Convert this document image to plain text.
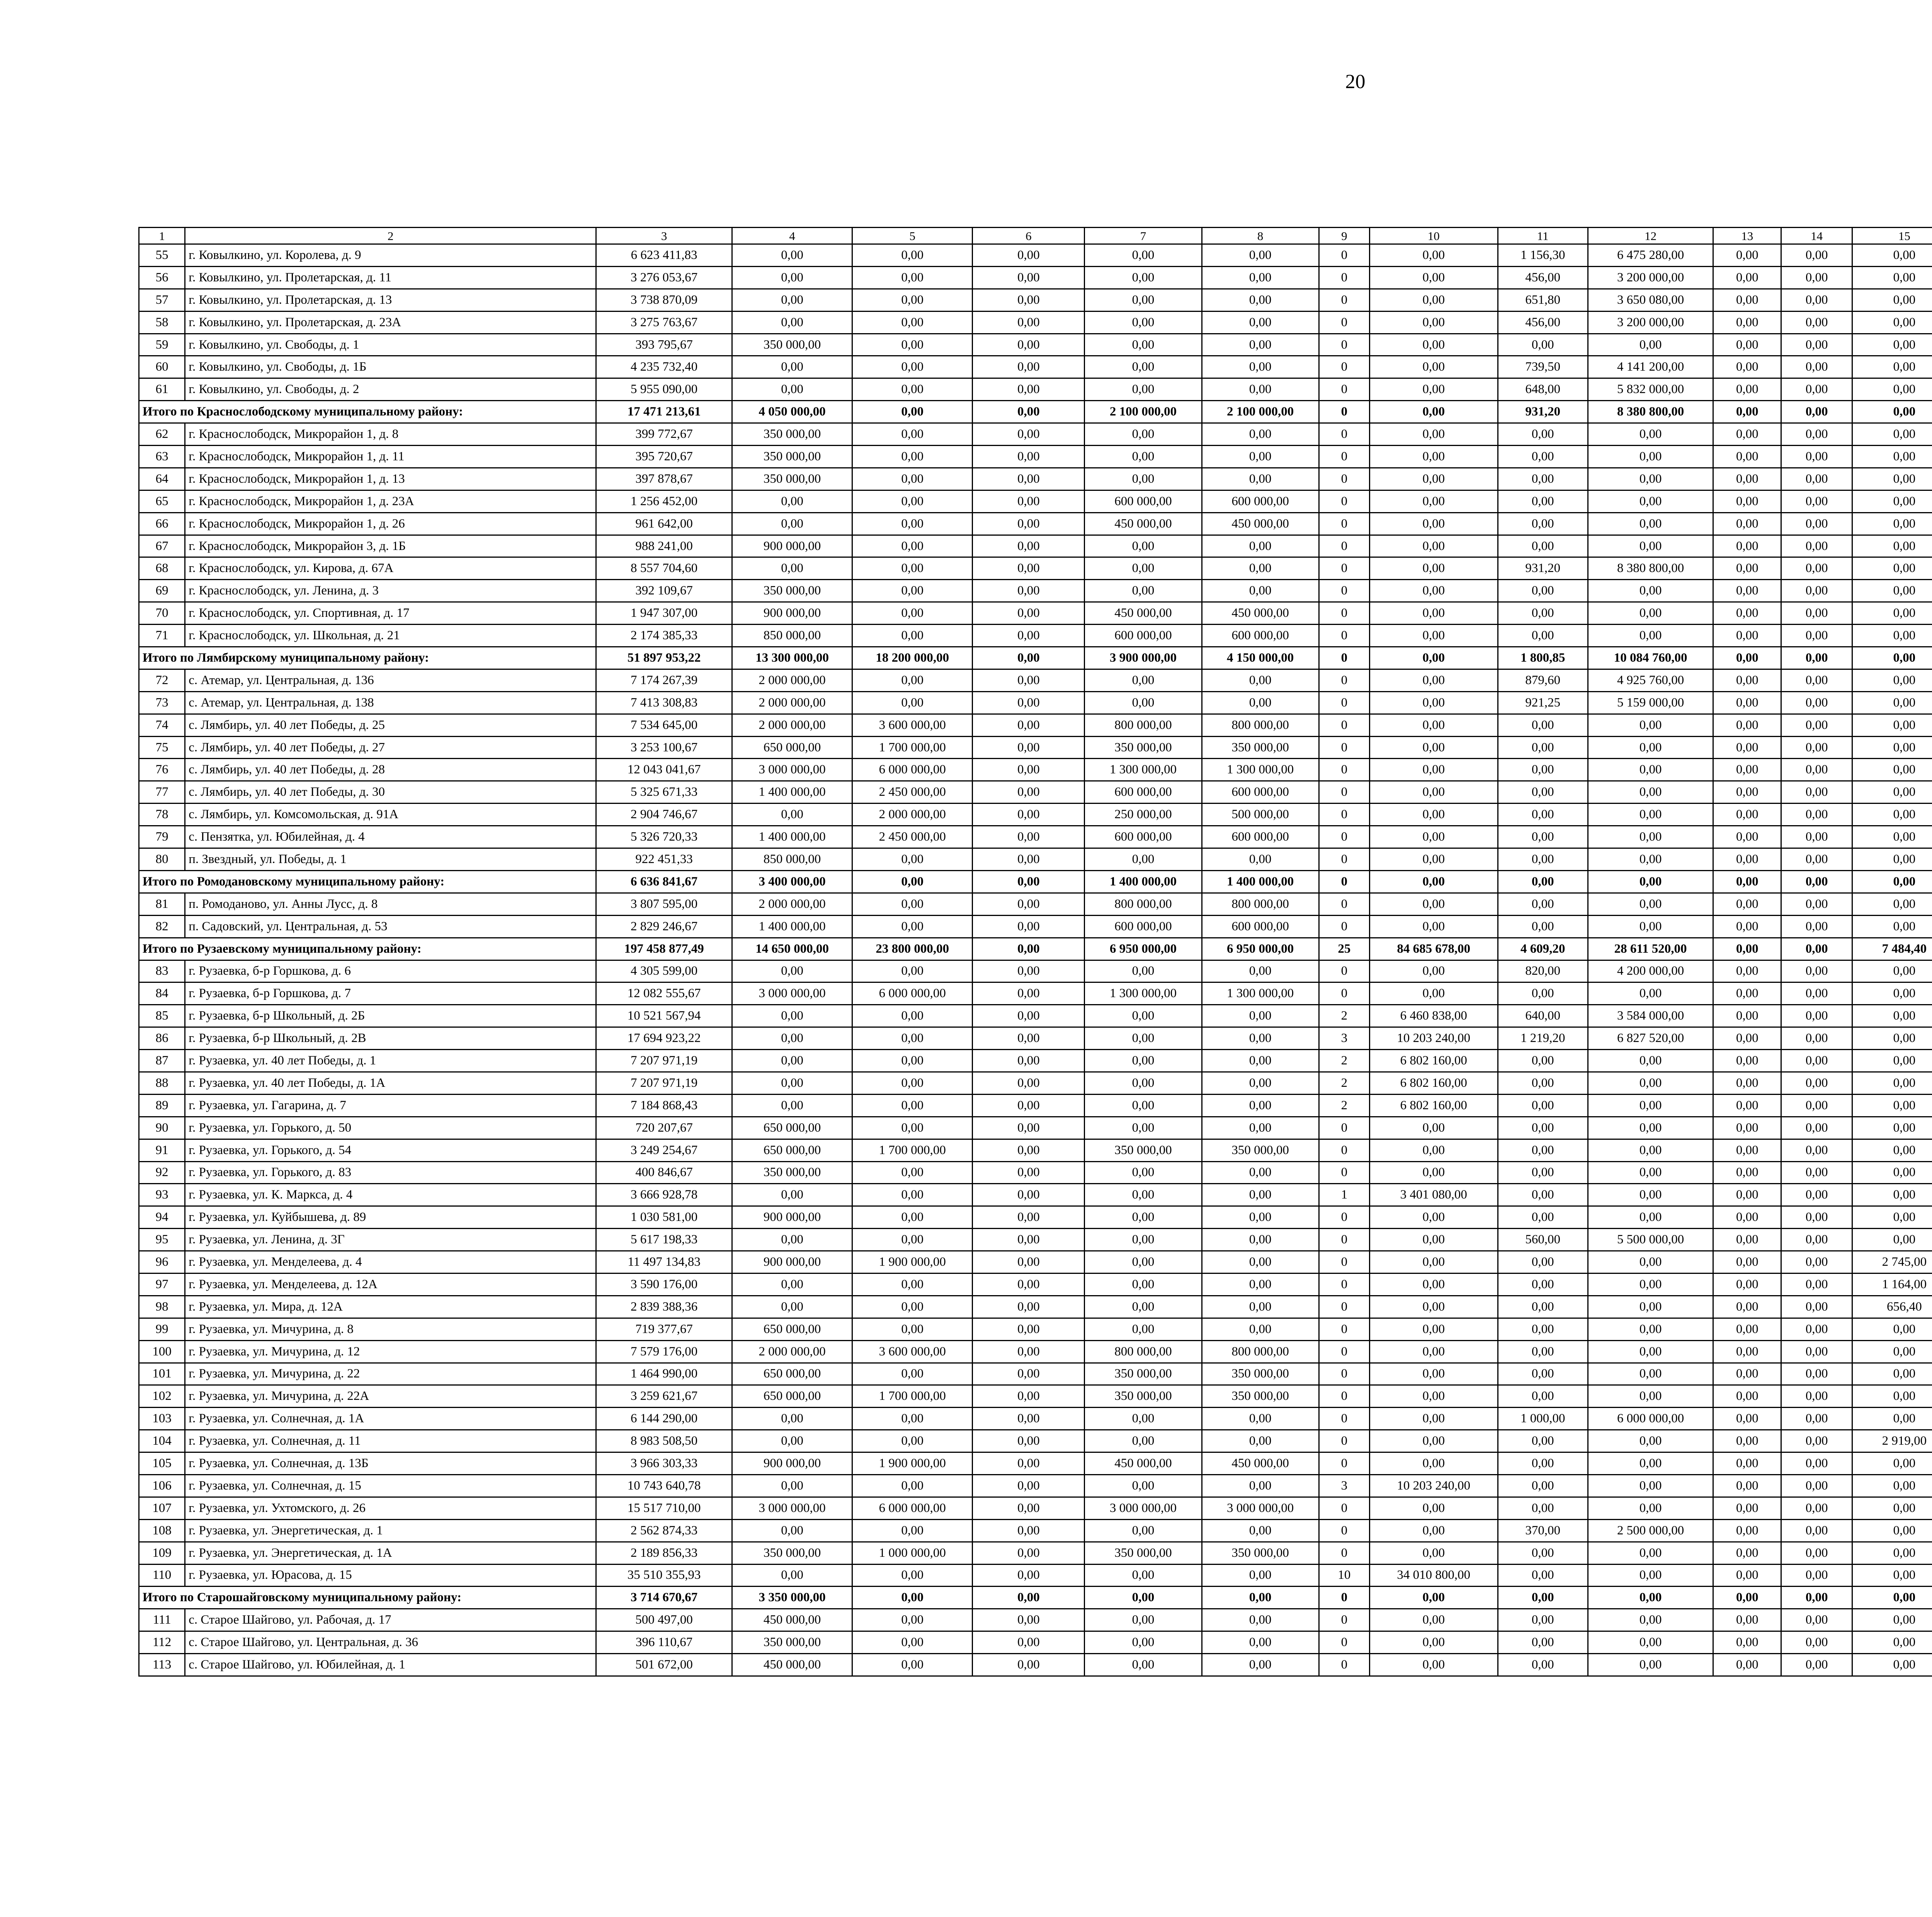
20
1	2	3	4	5	6	7	8	9	10	11	12	13	14	15						
55	г. Ковылкино, ул. Королева, д. 9	6 623 411,83	0,00	0,00	0,00	0,00	0,00	0	0,00	1 156,30	6 475 280,00	0,00	0,00	0,00						
56	г. Ковылкино, ул. Пролетарская, д. 11	3 276 053,67	0,00	0,00	0,00	0,00	0,00	0	0,00	456,00	3 200 000,00	0,00	0,00	0,00						
57	г. Ковылкино, ул. Пролетарская, д. 13	3 738 870,09	0,00	0,00	0,00	0,00	0,00	0	0,00	651,80	3 650 080,00	0,00	0,00	0,00						
58	г. Ковылкино, ул. Пролетарская, д. 23А	3 275 763,67	0,00	0,00	0,00	0,00	0,00	0	0,00	456,00	3 200 000,00	0,00	0,00	0,00						
59	г. Ковылкино, ул. Свободы, д. 1	393 795,67	350 000,00	0,00	0,00	0,00	0,00	0	0,00	0,00	0,00	0,00	0,00	0,00						
60	г. Ковылкино, ул. Свободы, д. 1Б	4 235 732,40	0,00	0,00	0,00	0,00	0,00	0	0,00	739,50	4 141 200,00	0,00	0,00	0,00						
61	г. Ковылкино, ул. Свободы, д. 2	5 955 090,00	0,00	0,00	0,00	0,00	0,00	0	0,00	648,00	5 832 000,00	0,00	0,00	0,00						
Итого по Краснослободскому муниципальному району:		17 471 213,61	4 050 000,00	0,00	0,00	2 100 000,00	2 100 000,00	0	0,00	931,20	8 380 800,00	0,00	0,00	0,00						
62	г. Краснослободск, Микрорайон 1, д. 8	399 772,67	350 000,00	0,00	0,00	0,00	0,00	0	0,00	0,00	0,00	0,00	0,00	0,00						
63	г. Краснослободск, Микрорайон 1, д. 11	395 720,67	350 000,00	0,00	0,00	0,00	0,00	0	0,00	0,00	0,00	0,00	0,00	0,00						
64	г. Краснослободск, Микрорайон 1, д. 13	397 878,67	350 000,00	0,00	0,00	0,00	0,00	0	0,00	0,00	0,00	0,00	0,00	0,00						
65	г. Краснослободск, Микрорайон 1, д. 23А	1 256 452,00	0,00	0,00	0,00	600 000,00	600 000,00	0	0,00	0,00	0,00	0,00	0,00	0,00						
66	г. Краснослободск, Микрорайон 1, д. 26	961 642,00	0,00	0,00	0,00	450 000,00	450 000,00	0	0,00	0,00	0,00	0,00	0,00	0,00						
67	г. Краснослободск, Микрорайон 3, д. 1Б	988 241,00	900 000,00	0,00	0,00	0,00	0,00	0	0,00	0,00	0,00	0,00	0,00	0,00						
68	г. Краснослободск, ул. Кирова, д. 67А	8 557 704,60	0,00	0,00	0,00	0,00	0,00	0	0,00	931,20	8 380 800,00	0,00	0,00	0,00						
69	г. Краснослободск, ул. Ленина, д. 3	392 109,67	350 000,00	0,00	0,00	0,00	0,00	0	0,00	0,00	0,00	0,00	0,00	0,00						
70	г. Краснослободск, ул. Спортивная, д. 17	1 947 307,00	900 000,00	0,00	0,00	450 000,00	450 000,00	0	0,00	0,00	0,00	0,00	0,00	0,00						
71	г. Краснослободск, ул. Школьная, д. 21	2 174 385,33	850 000,00	0,00	0,00	600 000,00	600 000,00	0	0,00	0,00	0,00	0,00	0,00	0,00						
Итого по Лямбирскому муниципальному району:		51 897 953,22	13 300 000,00	18 200 000,00	0,00	3 900 000,00	4 150 000,00	0	0,00	1 800,85	10 084 760,00	0,00	0,00	0,00						
72	с. Атемар, ул. Центральная, д. 136	7 174 267,39	2 000 000,00	0,00	0,00	0,00	0,00	0	0,00	879,60	4 925 760,00	0,00	0,00	0,00						
73	с. Атемар, ул. Центральная, д. 138	7 413 308,83	2 000 000,00	0,00	0,00	0,00	0,00	0	0,00	921,25	5 159 000,00	0,00	0,00	0,00						
74	с. Лямбирь, ул. 40 лет Победы, д. 25	7 534 645,00	2 000 000,00	3 600 000,00	0,00	800 000,00	800 000,00	0	0,00	0,00	0,00	0,00	0,00	0,00						
75	с. Лямбирь, ул. 40 лет Победы, д. 27	3 253 100,67	650 000,00	1 700 000,00	0,00	350 000,00	350 000,00	0	0,00	0,00	0,00	0,00	0,00	0,00						
76	с. Лямбирь, ул. 40 лет Победы, д. 28	12 043 041,67	3 000 000,00	6 000 000,00	0,00	1 300 000,00	1 300 000,00	0	0,00	0,00	0,00	0,00	0,00	0,00						
77	с. Лямбирь, ул. 40 лет Победы, д. 30	5 325 671,33	1 400 000,00	2 450 000,00	0,00	600 000,00	600 000,00	0	0,00	0,00	0,00	0,00	0,00	0,00						
78	с. Лямбирь, ул. Комсомольская, д. 91А	2 904 746,67	0,00	2 000 000,00	0,00	250 000,00	500 000,00	0	0,00	0,00	0,00	0,00	0,00	0,00						
79	с. Пензятка, ул. Юбилейная, д. 4	5 326 720,33	1 400 000,00	2 450 000,00	0,00	600 000,00	600 000,00	0	0,00	0,00	0,00	0,00	0,00	0,00						
80	п. Звездный, ул. Победы, д. 1	922 451,33	850 000,00	0,00	0,00	0,00	0,00	0	0,00	0,00	0,00	0,00	0,00	0,00						
Итого по Ромодановскому муниципальному району:		6 636 841,67	3 400 000,00	0,00	0,00	1 400 000,00	1 400 000,00	0	0,00	0,00	0,00	0,00	0,00	0,00						
81	п. Ромоданово, ул. Анны Лусс, д. 8	3 807 595,00	2 000 000,00	0,00	0,00	800 000,00	800 000,00	0	0,00	0,00	0,00	0,00	0,00	0,00						
82	п. Садовский, ул. Центральная, д. 53	2 829 246,67	1 400 000,00	0,00	0,00	600 000,00	600 000,00	0	0,00	0,00	0,00	0,00	0,00	0,00						
Итого по Рузаевскому муниципальному району:		197 458 877,49	14 650 000,00	23 800 000,00	0,00	6 950 000,00	6 950 000,00	25	84 685 678,00	4 609,20	28 611 520,00	0,00	0,00	7 484,40						
83	г. Рузаевка, б-р Горшкова, д. 6	4 305 599,00	0,00	0,00	0,00	0,00	0,00	0	0,00	820,00	4 200 000,00	0,00	0,00	0,00						
84	г. Рузаевка, б-р Горшкова, д. 7	12 082 555,67	3 000 000,00	6 000 000,00	0,00	1 300 000,00	1 300 000,00	0	0,00	0,00	0,00	0,00	0,00	0,00						
85	г. Рузаевка, б-р Школьный, д. 2Б	10 521 567,94	0,00	0,00	0,00	0,00	0,00	2	6 460 838,00	640,00	3 584 000,00	0,00	0,00	0,00						
86	г. Рузаевка, б-р Школьный, д. 2В	17 694 923,22	0,00	0,00	0,00	0,00	0,00	3	10 203 240,00	1 219,20	6 827 520,00	0,00	0,00	0,00						
87	г. Рузаевка, ул. 40 лет Победы, д. 1	7 207 971,19	0,00	0,00	0,00	0,00	0,00	2	6 802 160,00	0,00	0,00	0,00	0,00	0,00						
88	г. Рузаевка, ул. 40 лет Победы, д. 1А	7 207 971,19	0,00	0,00	0,00	0,00	0,00	2	6 802 160,00	0,00	0,00	0,00	0,00	0,00						
89	г. Рузаевка, ул. Гагарина, д. 7	7 184 868,43	0,00	0,00	0,00	0,00	0,00	2	6 802 160,00	0,00	0,00	0,00	0,00	0,00						
90	г. Рузаевка, ул. Горького, д. 50	720 207,67	650 000,00	0,00	0,00	0,00	0,00	0	0,00	0,00	0,00	0,00	0,00	0,00						
91	г. Рузаевка, ул. Горького, д. 54	3 249 254,67	650 000,00	1 700 000,00	0,00	350 000,00	350 000,00	0	0,00	0,00	0,00	0,00	0,00	0,00						
92	г. Рузаевка, ул. Горького, д. 83	400 846,67	350 000,00	0,00	0,00	0,00	0,00	0	0,00	0,00	0,00	0,00	0,00	0,00						
93	г. Рузаевка, ул. К. Маркса, д. 4	3 666 928,78	0,00	0,00	0,00	0,00	0,00	1	3 401 080,00	0,00	0,00	0,00	0,00	0,00						
94	г. Рузаевка, ул. Куйбышева, д. 89	1 030 581,00	900 000,00	0,00	0,00	0,00	0,00	0	0,00	0,00	0,00	0,00	0,00	0,00						
95	г. Рузаевка, ул. Ленина, д. 3Г	5 617 198,33	0,00	0,00	0,00	0,00	0,00	0	0,00	560,00	5 500 000,00	0,00	0,00	0,00						
96	г. Рузаевка, ул. Менделеева, д. 4	11 497 134,83	900 000,00	1 900 000,00	0,00	0,00	0,00	0	0,00	0,00	0,00	0,00	0,00	2 745,00						
97	г. Рузаевка, ул. Менделеева, д. 12А	3 590 176,00	0,00	0,00	0,00	0,00	0,00	0	0,00	0,00	0,00	0,00	0,00	1 164,00						
98	г. Рузаевка, ул. Мира, д. 12А	2 839 388,36	0,00	0,00	0,00	0,00	0,00	0	0,00	0,00	0,00	0,00	0,00	656,40						
99	г. Рузаевка, ул. Мичурина, д. 8	719 377,67	650 000,00	0,00	0,00	0,00	0,00	0	0,00	0,00	0,00	0,00	0,00	0,00						
100	г. Рузаевка, ул. Мичурина, д. 12	7 579 176,00	2 000 000,00	3 600 000,00	0,00	800 000,00	800 000,00	0	0,00	0,00	0,00	0,00	0,00	0,00						
101	г. Рузаевка, ул. Мичурина, д. 22	1 464 990,00	650 000,00	0,00	0,00	350 000,00	350 000,00	0	0,00	0,00	0,00	0,00	0,00	0,00						
102	г. Рузаевка, ул. Мичурина, д. 22А	3 259 621,67	650 000,00	1 700 000,00	0,00	350 000,00	350 000,00	0	0,00	0,00	0,00	0,00	0,00	0,00						
103	г. Рузаевка, ул. Солнечная, д. 1А	6 144 290,00	0,00	0,00	0,00	0,00	0,00	0	0,00	1 000,00	6 000 000,00	0,00	0,00	0,00						
104	г. Рузаевка, ул. Солнечная, д. 11	8 983 508,50	0,00	0,00	0,00	0,00	0,00	0	0,00	0,00	0,00	0,00	0,00	2 919,00						
105	г. Рузаевка, ул. Солнечная, д. 13Б	3 966 303,33	900 000,00	1 900 000,00	0,00	450 000,00	450 000,00	0	0,00	0,00	0,00	0,00	0,00	0,00						
106	г. Рузаевка, ул. Солнечная, д. 15	10 743 640,78	0,00	0,00	0,00	0,00	0,00	3	10 203 240,00	0,00	0,00	0,00	0,00	0,00						
107	г. Рузаевка, ул. Ухтомского, д. 26	15 517 710,00	3 000 000,00	6 000 000,00	0,00	3 000 000,00	3 000 000,00	0	0,00	0,00	0,00	0,00	0,00	0,00						
108	г. Рузаевка, ул. Энергетическая, д. 1	2 562 874,33	0,00	0,00	0,00	0,00	0,00	0	0,00	370,00	2 500 000,00	0,00	0,00	0,00						
109	г. Рузаевка, ул. Энергетическая, д. 1А	2 189 856,33	350 000,00	1 000 000,00	0,00	350 000,00	350 000,00	0	0,00	0,00	0,00	0,00	0,00	0,00						
110	г. Рузаевка, ул. Юрасова, д. 15	35 510 355,93	0,00	0,00	0,00	0,00	0,00	10	34 010 800,00	0,00	0,00	0,00	0,00	0,00						
Итого по Старошайговскому муниципальному району:		3 714 670,67	3 350 000,00	0,00	0,00	0,00	0,00	0	0,00	0,00	0,00	0,00	0,00	0,00						
111	с. Старое Шайгово, ул. Рабочая, д. 17	500 497,00	450 000,00	0,00	0,00	0,00	0,00	0	0,00	0,00	0,00	0,00	0,00	0,00						
112	с. Старое Шайгово, ул. Центральная, д. 36	396 110,67	350 000,00	0,00	0,00	0,00	0,00	0	0,00	0,00	0,00	0,00	0,00	0,00						
113	с. Старое Шайгово, ул. Юбилейная, д. 1	501 672,00	450 000,00	0,00	0,00	0,00	0,00	0	0,00	0,00	0,00	0,00	0,00	0,00						
